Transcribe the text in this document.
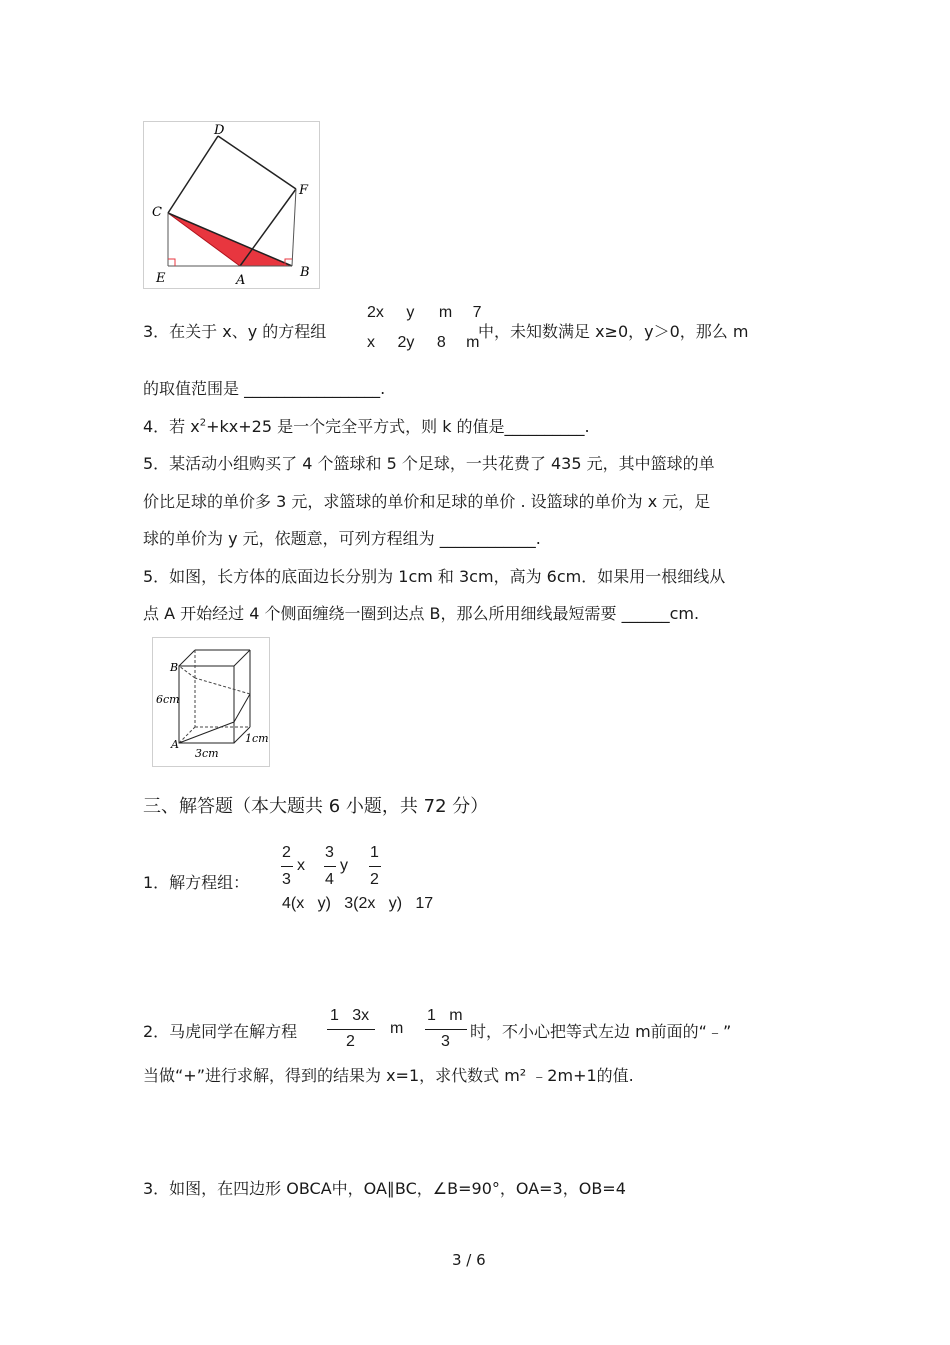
D
F
C
E	A
B
3．在关于 x、y 的方程组
2x y m 7
x 2y 8 m
中，未知数满足 x≥0，y＞0，那么 m
的取值范围是 _________________.
4．若 $x^2+kx+25$ 是一个完全平方式，则 k 的值是__________.
5．某活动小组购买了 4 个篮球和 5 个足球，一共花费了 435 元，其中篮球的单
价比足球的单价多 3 元，求篮球的单价和足球的单价 . 设篮球的单价为 x 元，足
球的单价为 y 元，依题意，可列方程组为 ____________.
5．如图，长方体的底面边长分别为 1cm 和 3cm，高为 6cm．如果用一根细线从
点 A 开始经过 4 个侧面缠绕一圈到达点 B，那么所用细线最短需要 ______cm.
B
A
6cm
3cm
1cm
三、解答题（本大题共 6 小题，共 72 分）
1．解方程组：
2
3
x
3
4
y
1
2
4(x   y)   3(2x   y)   17
2．马虎同学在解方程
1   3x
2
m
1   m
3
时，不小心把等式左边 m前面的“﹣”
当做“+”进行求解，得到的结果为 x=1，求代数式 m² ﹣2m+1的值.
3．如图，在四边形 OBCA中，OA∥BC，∠B=90°，OA=3，OB=4
3 / 6
